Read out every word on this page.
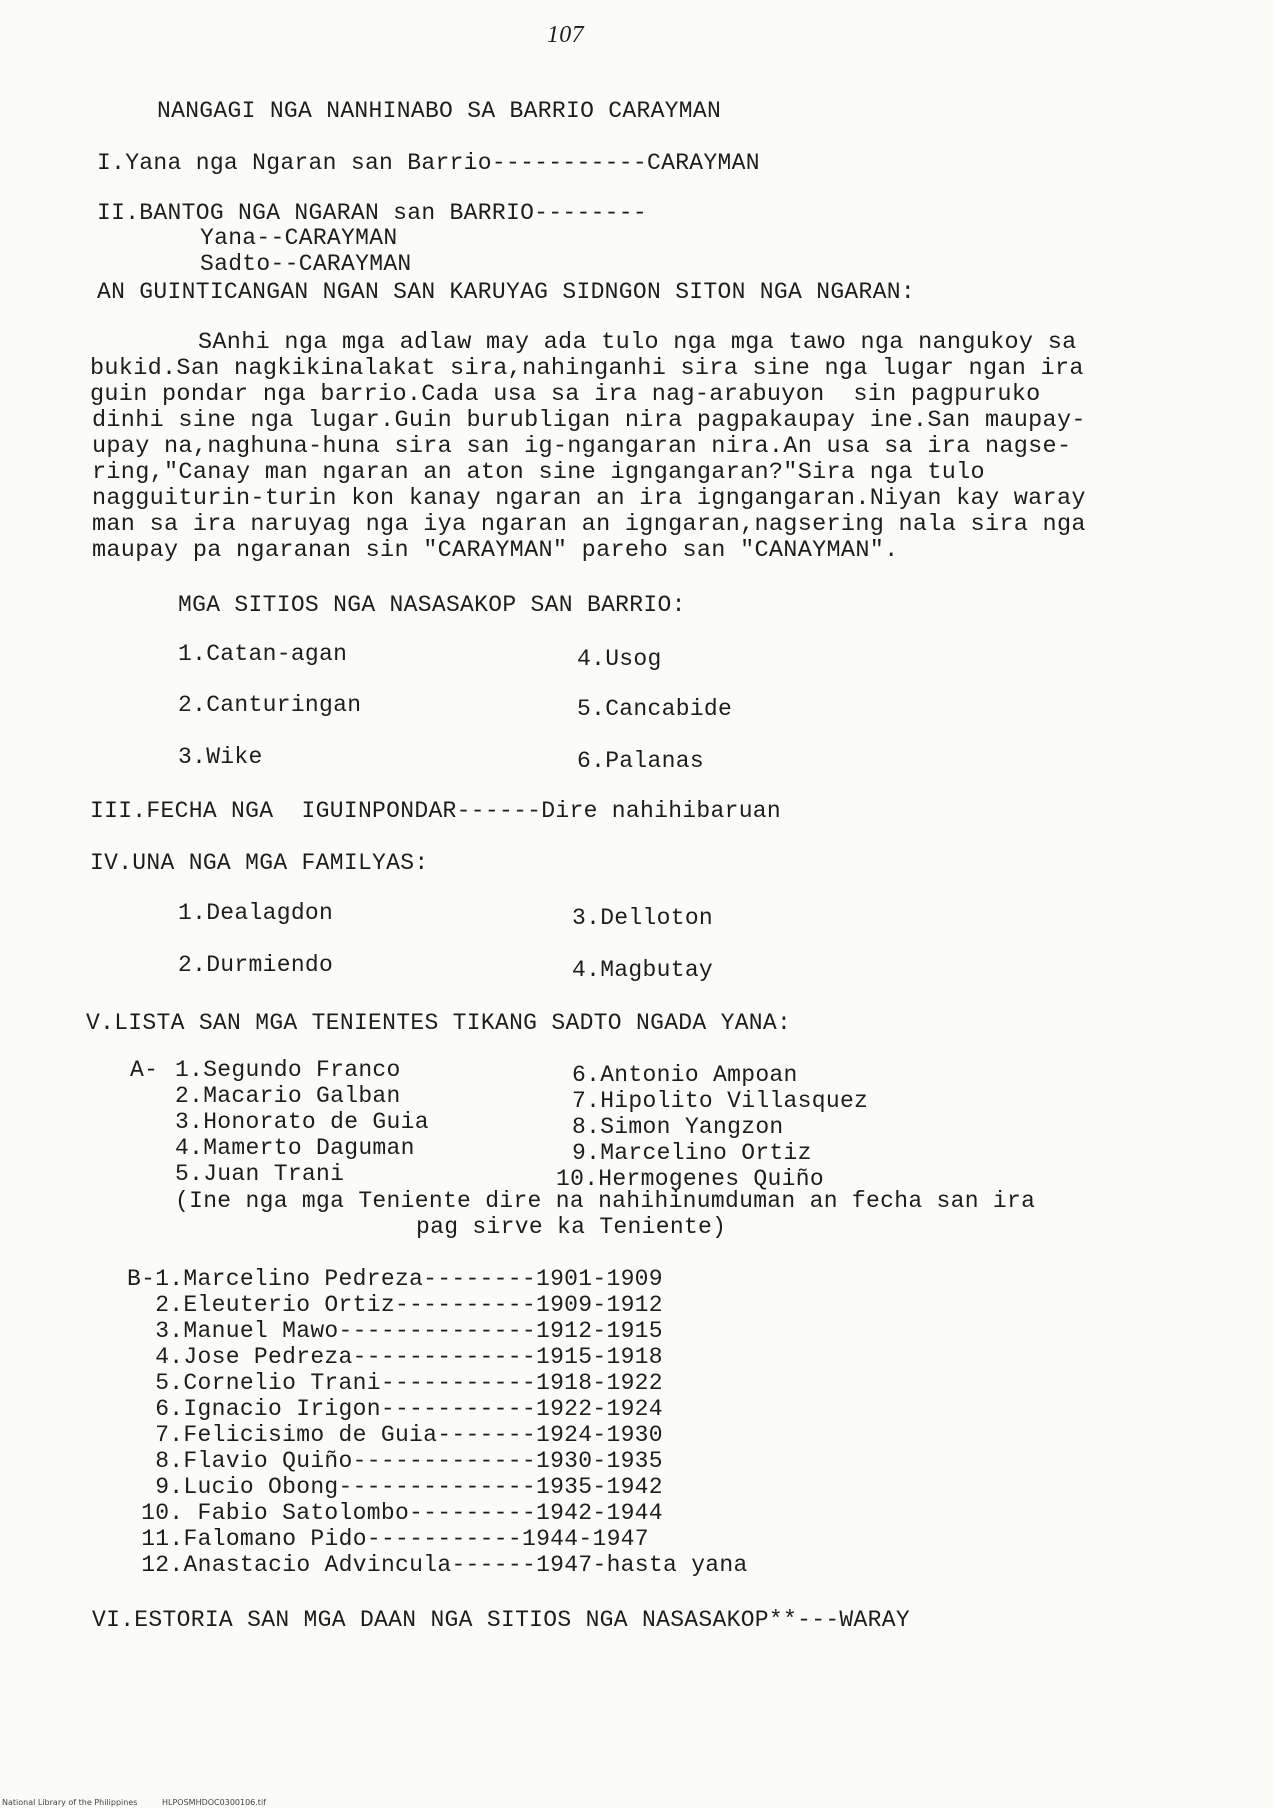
107
NANGAGI NGA NANHINABO SA BARRIO CARAYMAN
I.Yana nga Ngaran san Barrio-----------CARAYMAN
II.BANTOG NGA NGARAN san BARRIO--------
Yana--CARAYMAN
Sadto--CARAYMAN
AN GUINTICANGAN NGAN SAN KARUYAG SIDNGON SITON NGA NGARAN:
SAnhi nga mga adlaw may ada tulo nga mga tawo nga nangukoy sa
bukid.San nagkikinalakat sira,nahinganhi sira sine nga lugar ngan ira
guin pondar nga barrio.Cada usa sa ira nag-arabuyon  sin pagpuruko
dinhi sine nga lugar.Guin burubligan nira pagpakaupay ine.San maupay-
upay na,naghuna-huna sira san ig-ngangaran nira.An usa sa ira nagse-
ring,"Canay man ngaran an aton sine igngangaran?"Sira nga tulo
nagguiturin-turin kon kanay ngaran an ira igngangaran.Niyan kay waray
man sa ira naruyag nga iya ngaran an igngaran,nagsering nala sira nga
maupay pa ngaranan sin "CARAYMAN" pareho san "CANAYMAN".
MGA SITIOS NGA NASASAKOP SAN BARRIO:
1.Catan-agan
2.Canturingan
3.Wike
4.Usog
5.Cancabide
6.Palanas
III.FECHA NGA  IGUINPONDAR------Dire nahihibaruan
IV.UNA NGA MGA FAMILYAS:
1.Dealagdon
2.Durmiendo
3.Delloton
4.Magbutay
V.LISTA SAN MGA TENIENTES TIKANG SADTO NGADA YANA:
A- 1.Segundo Franco
2.Macario Galban
3.Honorato de Guia
4.Mamerto Daguman
5.Juan Trani
6.Antonio Ampoan
7.Hipolito Villasquez
8.Simon Yangzon
9.Marcelino Ortiz
10.Hermogenes Quiño
(Ine nga mga Teniente dire na nahihinumduman an fecha san ira
pag sirve ka Teniente)
B-1.Marcelino Pedreza--------1901-1909
2.Eleuterio Ortiz----------1909-1912
3.Manuel Mawo--------------1912-1915
4.Jose Pedreza-------------1915-1918
5.Cornelio Trani-----------1918-1922
6.Ignacio Irigon-----------1922-1924
7.Felicisimo de Guia-------1924-1930
8.Flavio Quiño-------------1930-1935
9.Lucio Obong--------------1935-1942
10. Fabio Satolombo---------1942-1944
11.Falomano Pido-----------1944-1947
12.Anastacio Advincula------1947-hasta yana
VI.ESTORIA SAN MGA DAAN NGA SITIOS NGA NASASAKOP**---WARAY
National Library of the Philippines	HLPOSMHDOC0300106.tif
